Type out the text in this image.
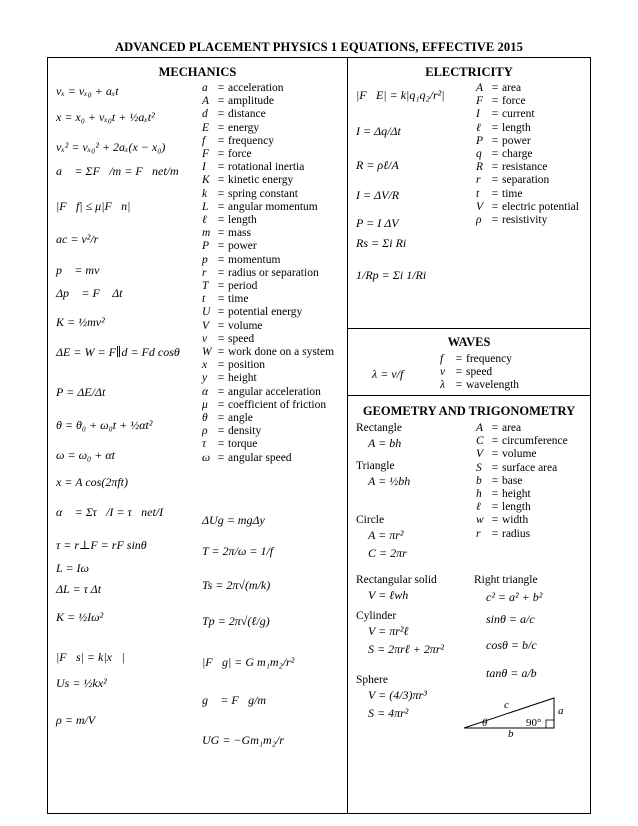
ADVANCED PLACEMENT PHYSICS 1 EQUATIONS, EFFECTIVE 2015
MECHANICS
vₓ = vₓ₀ + aₓt
x = x₀ + vₓ₀t + ½aₓt²
vₓ² = vₓ₀² + 2aₓ(x − x₀)
a⃗ = ΣF⃗/m = F⃗net/m
|F⃗f| ≤ μ|F⃗n|
ac = v²/r
p⃗ = mv⃗
Δp⃗ = F⃗ Δt
K = ½mv²
ΔE = W = F∥d = Fd cosθ
P = ΔE/Δt
θ = θ₀ + ω₀t + ½αt²
ω = ω₀ + αt
x = A cos(2πft)
α⃗ = Στ⃗/I = τ⃗net/I
τ = r⊥F = rF sinθ
L = Iω
ΔL = τ Δt
K = ½Iω²
|F⃗s| = k|x⃗|
Us = ½kx²
ρ = m/V
ΔUg = mgΔy
T = 2π/ω = 1/f
Ts = 2π√(m/k)
Tp = 2π√(ℓ/g)
|F⃗g| = G m₁m₂/r²
g⃗ = F⃗g/m
UG = −Gm₁m₂/r
a = acceleration
A = amplitude
d = distance
E = energy
f = frequency
F = force
I = rotational inertia
K = kinetic energy
k = spring constant
L = angular momentum
ℓ = length
m = mass
P = power
p = momentum
r = radius or separation
T = period
t = time
U = potential energy
V = volume
v = speed
W = work done on a system
x = position
y = height
α = angular acceleration
μ = coefficient of friction
θ = angle
ρ = density
τ = torque
ω = angular speed
ELECTRICITY
|F⃗E| = k|q₁q₂/r²|
I = Δq/Δt
R = ρℓ/A
I = ΔV/R
P = I ΔV
Rs = Σi Ri
1/Rp = Σi 1/Ri
A = area
F = force
I = current
ℓ = length
P = power
q = charge
R = resistance
r = separation
t = time
V = electric potential
ρ = resistivity
WAVES
λ = v/f
f = frequency
v = speed
λ = wavelength
GEOMETRY AND TRIGONOMETRY
Rectangle
A = bh
Triangle
A = ½bh
Circle
A = πr²
C = 2πr
Rectangular solid
V = ℓwh
Cylinder
V = πr²ℓ
S = 2πrℓ + 2πr²
Sphere
V = (4/3)πr³
S = 4πr²
A = area
C = circumference
V = volume
S = surface area
b = base
h = height
ℓ = length
w = width
r = radius
Right triangle
c² = a² + b²
sinθ = a/c
cosθ = b/c
tanθ = a/b
a
b
c
θ	90°
